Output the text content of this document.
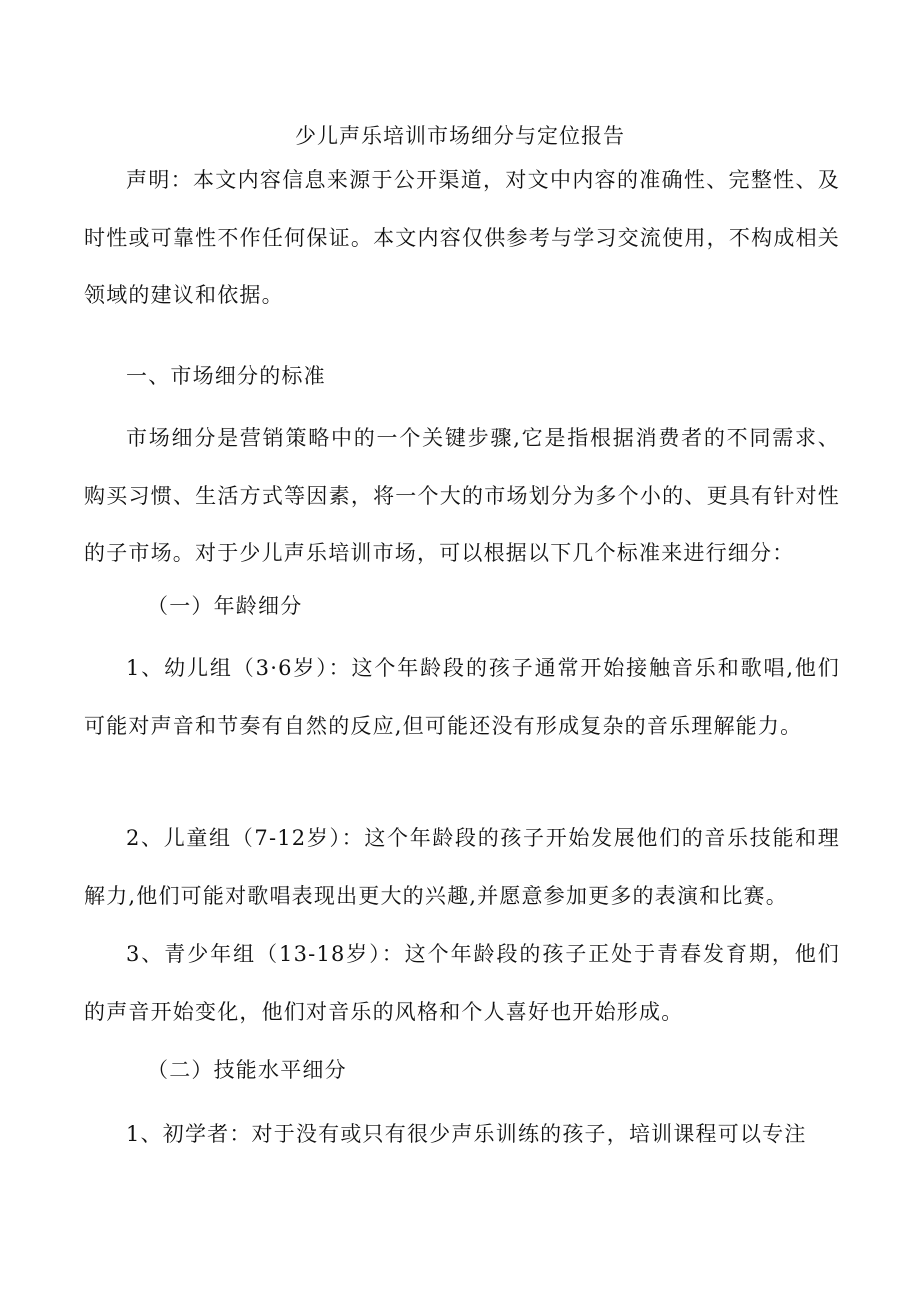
少儿声乐培训市场细分与定位报告

声明：本文内容信息来源于公开渠道，对文中内容的准确性、完整性、及时性或可靠性不作任何保证。本文内容仅供参考与学习交流使用，不构成相关领域的建议和依据。

一、市场细分的标准

市场细分是营销策略中的一个关键步骤,它是指根据消费者的不同需求、购买习惯、生活方式等因素，将一个大的市场划分为多个小的、更具有针对性的子市场。对于少儿声乐培训市场，可以根据以下几个标准来进行细分：

（一）年龄细分

1、幼儿组（3·6岁）：这个年龄段的孩子通常开始接触音乐和歌唱,他们可能对声音和节奏有自然的反应,但可能还没有形成复杂的音乐理解能力。

2、儿童组（7-12岁）：这个年龄段的孩子开始发展他们的音乐技能和理解力,他们可能对歌唱表现出更大的兴趣,并愿意参加更多的表演和比赛。

3、青少年组（13-18岁）：这个年龄段的孩子正处于青春发育期，他们的声音开始变化，他们对音乐的风格和个人喜好也开始形成。

（二）技能水平细分

1、初学者：对于没有或只有很少声乐训练的孩子，培训课程可以专注
